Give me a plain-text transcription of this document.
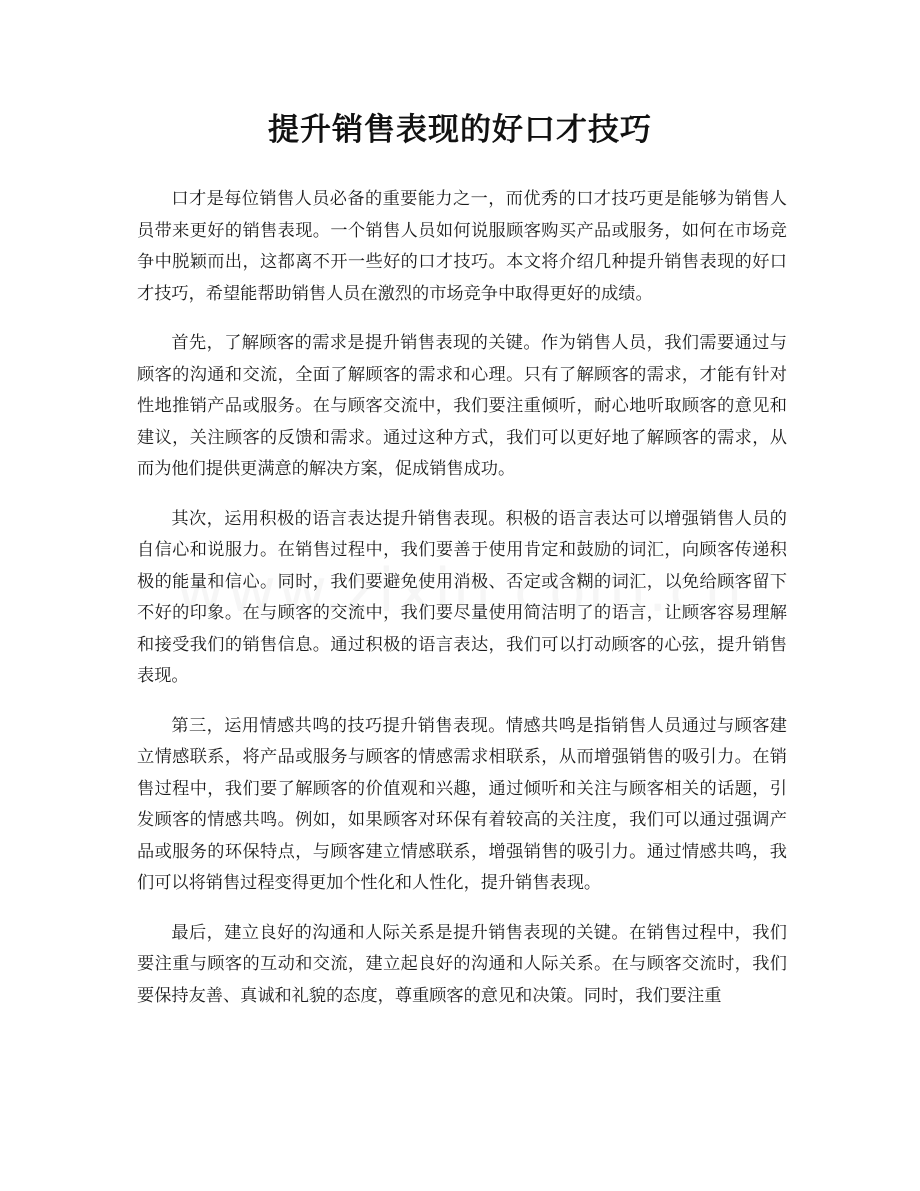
提升销售表现的好口才技巧

口才是每位销售人员必备的重要能力之一，而优秀的口才技巧更是能够为销售人员带来更好的销售表现。一个销售人员如何说服顾客购买产品或服务，如何在市场竞争中脱颖而出，这都离不开一些好的口才技巧。本文将介绍几种提升销售表现的好口才技巧，希望能帮助销售人员在激烈的市场竞争中取得更好的成绩。

首先，了解顾客的需求是提升销售表现的关键。作为销售人员，我们需要通过与顾客的沟通和交流，全面了解顾客的需求和心理。只有了解顾客的需求，才能有针对性地推销产品或服务。在与顾客交流中，我们要注重倾听，耐心地听取顾客的意见和建议，关注顾客的反馈和需求。通过这种方式，我们可以更好地了解顾客的需求，从而为他们提供更满意的解决方案，促成销售成功。

其次，运用积极的语言表达提升销售表现。积极的语言表达可以增强销售人员的自信心和说服力。在销售过程中，我们要善于使用肯定和鼓励的词汇，向顾客传递积极的能量和信心。同时，我们要避免使用消极、否定或含糊的词汇，以免给顾客留下不好的印象。在与顾客的交流中，我们要尽量使用简洁明了的语言，让顾客容易理解和接受我们的销售信息。通过积极的语言表达，我们可以打动顾客的心弦，提升销售表现。

第三，运用情感共鸣的技巧提升销售表现。情感共鸣是指销售人员通过与顾客建立情感联系，将产品或服务与顾客的情感需求相联系，从而增强销售的吸引力。在销售过程中，我们要了解顾客的价值观和兴趣，通过倾听和关注与顾客相关的话题，引发顾客的情感共鸣。例如，如果顾客对环保有着较高的关注度，我们可以通过强调产品或服务的环保特点，与顾客建立情感联系，增强销售的吸引力。通过情感共鸣，我们可以将销售过程变得更加个性化和人性化，提升销售表现。

最后，建立良好的沟通和人际关系是提升销售表现的关键。在销售过程中，我们要注重与顾客的互动和交流，建立起良好的沟通和人际关系。在与顾客交流时，我们要保持友善、真诚和礼貌的态度，尊重顾客的意见和决策。同时，我们要注重
